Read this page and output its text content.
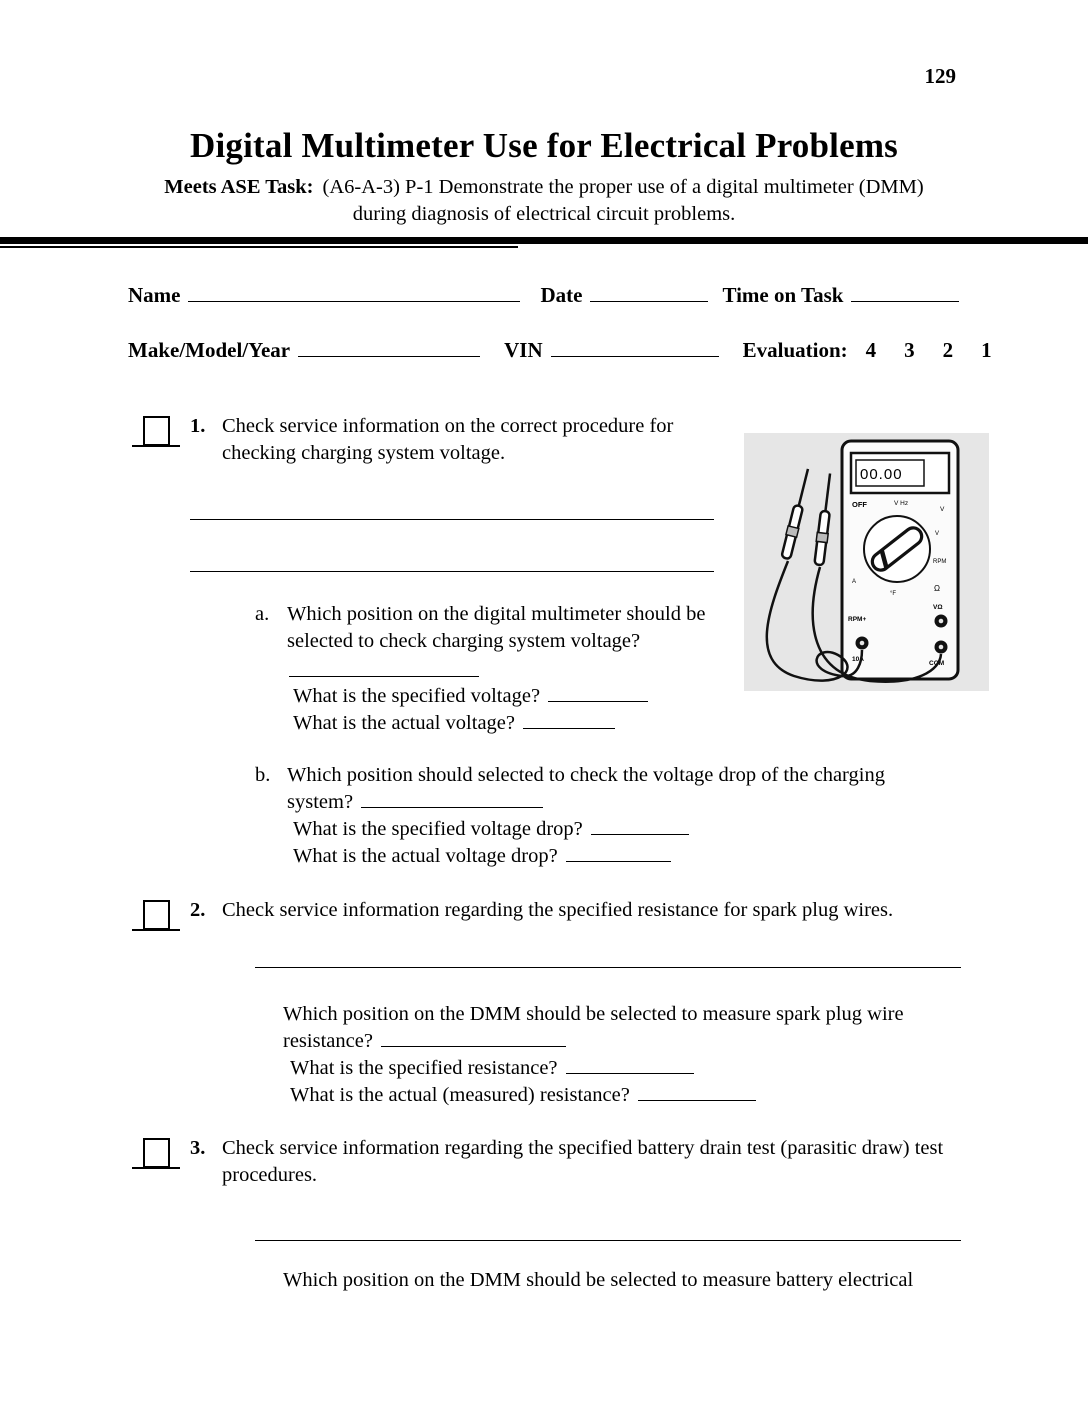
129
Digital Multimeter Use for Electrical Problems
Meets ASE Task: (A6-A-3) P-1 Demonstrate the proper use of a digital multimeter (DMM)
during diagnosis of electrical circuit problems.
Name	Date	Time on Task
Make/Model/Year	VIN	Evaluation: 4 3 2 1
1. Check service information on the correct procedure for checking charging system voltage.
00.00
OFF	V Hz
V
V
RPM
A
°F
Ω
RPM+
10A
VΩ
COM
a. Which position on the digital multimeter should be selected to check charging system voltage?
What is the specified voltage?
What is the actual voltage?
b. Which position should selected to check the voltage drop of the charging system?
What is the specified voltage drop?
What is the actual voltage drop?
2. Check service information regarding the specified resistance for spark plug wires.
Which position on the DMM should be selected to measure spark plug wire resistance?
What is the specified resistance?
What is the actual (measured) resistance?
3. Check service information regarding the specified battery drain test (parasitic draw) test procedures.
Which position on the DMM should be selected to measure battery electrical
